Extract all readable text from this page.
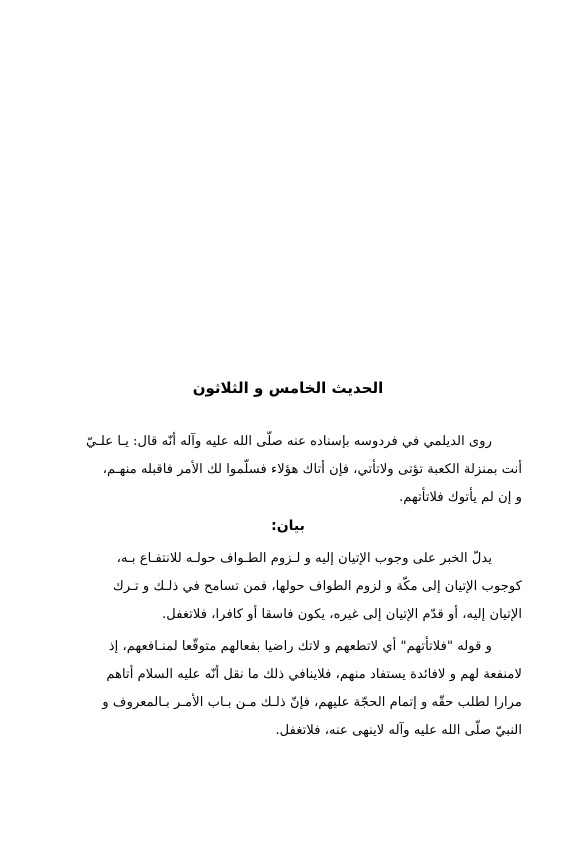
الحديث الخامس و الثلاثون
روى الديلمي في فردوسه بإسناده عنه صلّى الله عليه وآله أنّه قال: يـا علـيّ
أنت بمنزلة الكعبة تؤتى ولاتأتي، فإن أتاك هؤلاء فسلّموا لك الأمر فاقبله منهـم،
و إن لم يأتوك فلاتأتهم.
بيان:
يدلّ الخبر على وجوب الإتيان إليه و لـزوم الطـواف حولـه للانتفـاع بـه،
كوجوب الإتيان إلى مكّة و لزوم الطواف حولها، فمن تسامح في ذلـك و تـرك
الإتيان إليه، أو قدّم الإتيان إلى غيره، يكون فاسقا أو كافرا، فلاتغفل.
و قوله "فلاتأتهم" أي لاتطعهم و لاتك راضيا بفعالهم متوقّعا لمنـافعهم، إذ
لامنفعة لهم و لافائدة يستفاد منهم، فلاينافي ذلك ما نقل أنّه عليه السلام أتاهم
مرارا لطلب حقّه و إتمام الحجّة عليهم، فإنّ ذلـك مـن بـاب الأمـر بـالمعروف و
النبيّ صلّى الله عليه وآله لاينهى عنه، فلاتغفل.
